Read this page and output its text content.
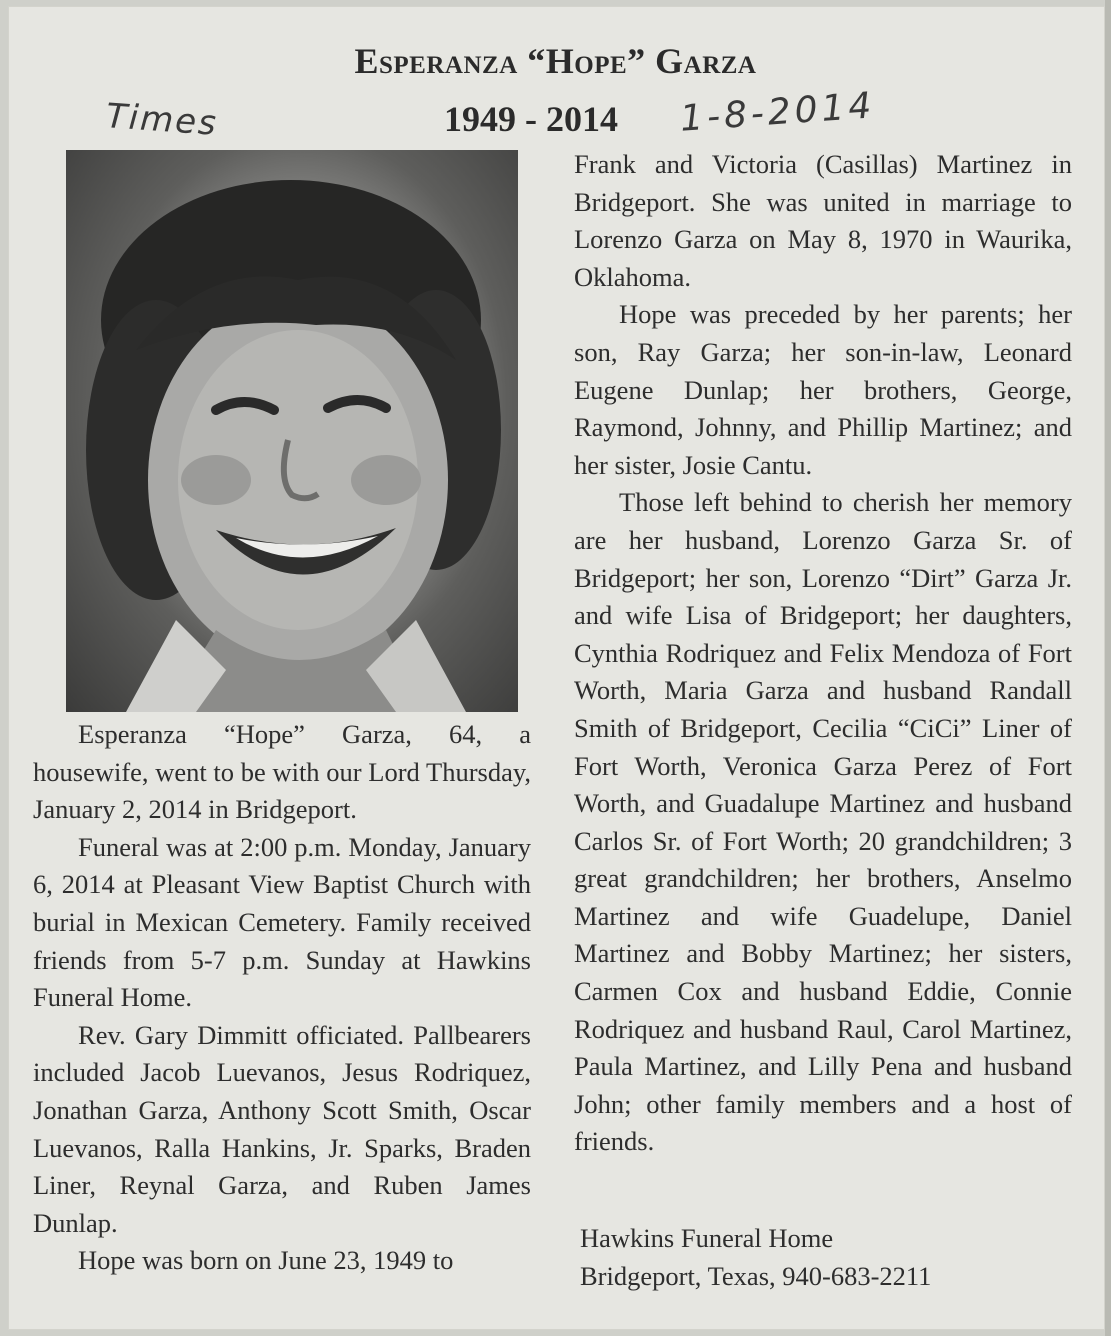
Esperanza “Hope” Garza
Times	1949 - 2014 1-8-2014

Esperanza “Hope” Garza, 64, a housewife, went to be with our Lord Thursday, January 2, 2014 in Bridgeport.

Funeral was at 2:00 p.m. Monday, January 6, 2014 at Pleasant View Baptist Church with burial in Mexican Cemetery. Family received friends from 5-7 p.m. Sunday at Hawkins Funeral Home.

Rev. Gary Dimmitt officiated. Pallbearers included Jacob Luevanos, Jesus Rodriquez, Jonathan Garza, Anthony Scott Smith, Oscar Luevanos, Ralla Hankins, Jr. Sparks, Braden Liner, Reynal Garza, and Ruben James Dunlap.

Hope was born on June 23, 1949 to

Frank and Victoria (Casillas) Martinez in Bridgeport. She was united in marriage to Lorenzo Garza on May 8, 1970 in Waurika, Oklahoma.

Hope was preceded by her parents; her son, Ray Garza; her son-in-law, Leonard Eugene Dunlap; her brothers, George, Raymond, Johnny, and Phillip Martinez; and her sister, Josie Cantu.

Those left behind to cherish her memory are her husband, Lorenzo Garza Sr. of Bridgeport; her son, Lorenzo “Dirt” Garza Jr. and wife Lisa of Bridgeport; her daughters, Cynthia Rodriquez and Felix Mendoza of Fort Worth, Maria Garza and husband Randall Smith of Bridgeport, Cecilia “CiCi” Liner of Fort Worth, Veronica Garza Perez of Fort Worth, and Guadalupe Martinez and husband Carlos Sr. of Fort Worth; 20 grandchildren; 3 great grandchildren; her brothers, Anselmo Martinez and wife Guadelupe, Daniel Martinez and Bobby Martinez; her sisters, Carmen Cox and husband Eddie, Connie Rodriquez and husband Raul, Carol Martinez, Paula Martinez, and Lilly Pena and husband John; other family members and a host of friends.

Hawkins Funeral Home
Bridgeport, Texas, 940-683-2211
